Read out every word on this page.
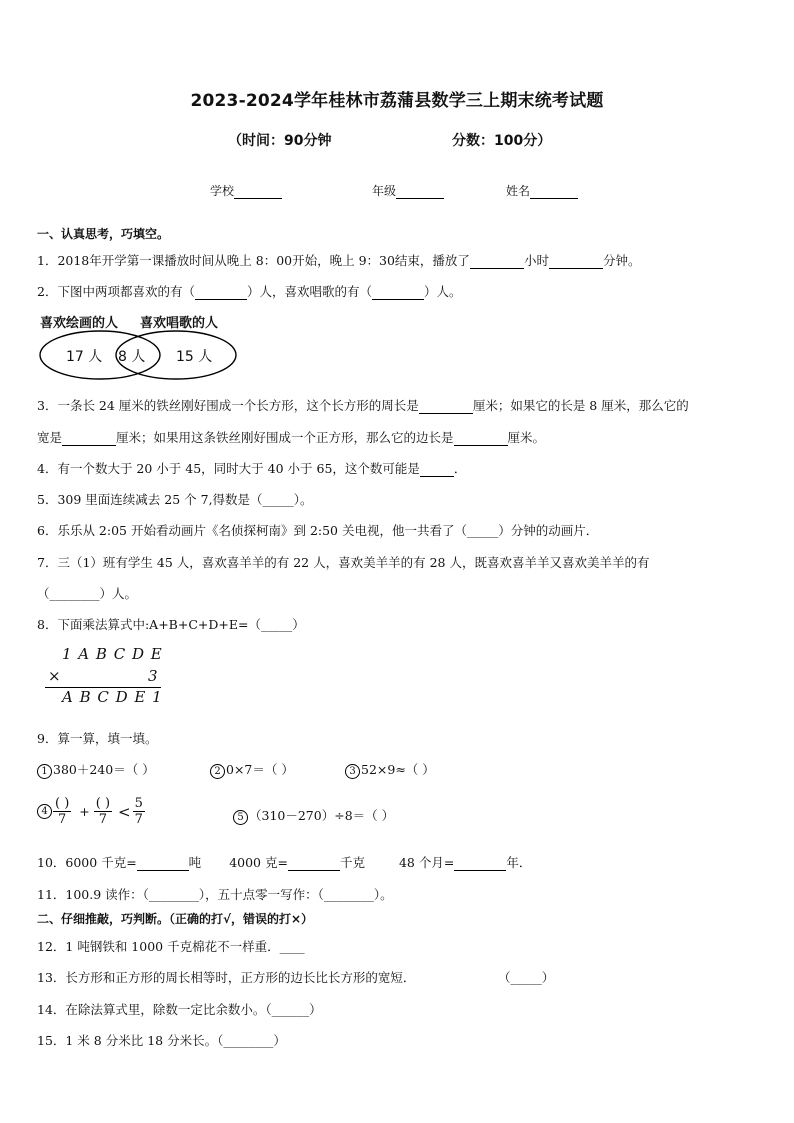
2023-2024学年桂林市荔蒲县数学三上期末统考试题
（时间：90分钟	分数：100分）
学校	年级	姓名
一、认真思考，巧填空。
1．2018年开学第一课播放时间从晚上 8：00开始，晚上 9：30结束，播放了	小时	分钟。
2．下图中两项都喜欢的有（	）人，喜欢唱歌的有（	）人。
喜欢绘画的人 喜欢唱歌的人
17 人 8 人 15 人
3．一条长 24 厘米的铁丝刚好围成一个长方形，这个长方形的周长是	厘米；如果它的长是 8 厘米，那么它的
宽是	厘米；如果用这条铁丝刚好围成一个正方形，那么它的边长是	厘米。
4．有一个数大于 20 小于 45，同时大于 40 小于 65，这个数可能是	．
5．309 里面连续减去 25 个 7,得数是（_____）。
6．乐乐从 2:05 开始看动画片《名侦探柯南》到 2:50 关电视，他一共看了（_____）分钟的动画片．
7．三（1）班有学生 45 人，喜欢喜羊羊的有 22 人，喜欢美羊羊的有 28 人，既喜欢喜羊羊又喜欢美羊羊的有
（________）人。
8．下面乘法算式中:A+B+C+D+E=（_____）
1 A B C D E
×	3
A B C D E 1
9．算一算，填一填。
1 380＋240＝（ ）	2 0×7＝（ ）	3 52×9≈（ ）
$4 \frac{( )}{7} + \frac{( )}{7} < \frac{5}{7}$	5 （310－270）÷8＝（ ）
10．6000 千克=	吨 4000 克=	千克	48 个月=	年．
11．100.9 读作：（________），五十点零一写作：（________）。
二、仔细推敲，巧判断。（正确的打√，错误的打×）
12．1 吨钢铁和 1000 千克棉花不一样重．____
13．长方形和正方形的周长相等时，正方形的边长比长方形的宽短．	（_____）
14．在除法算式里，除数一定比余数小。（______）
15．1 米 8 分米比 18 分米长。（________）
